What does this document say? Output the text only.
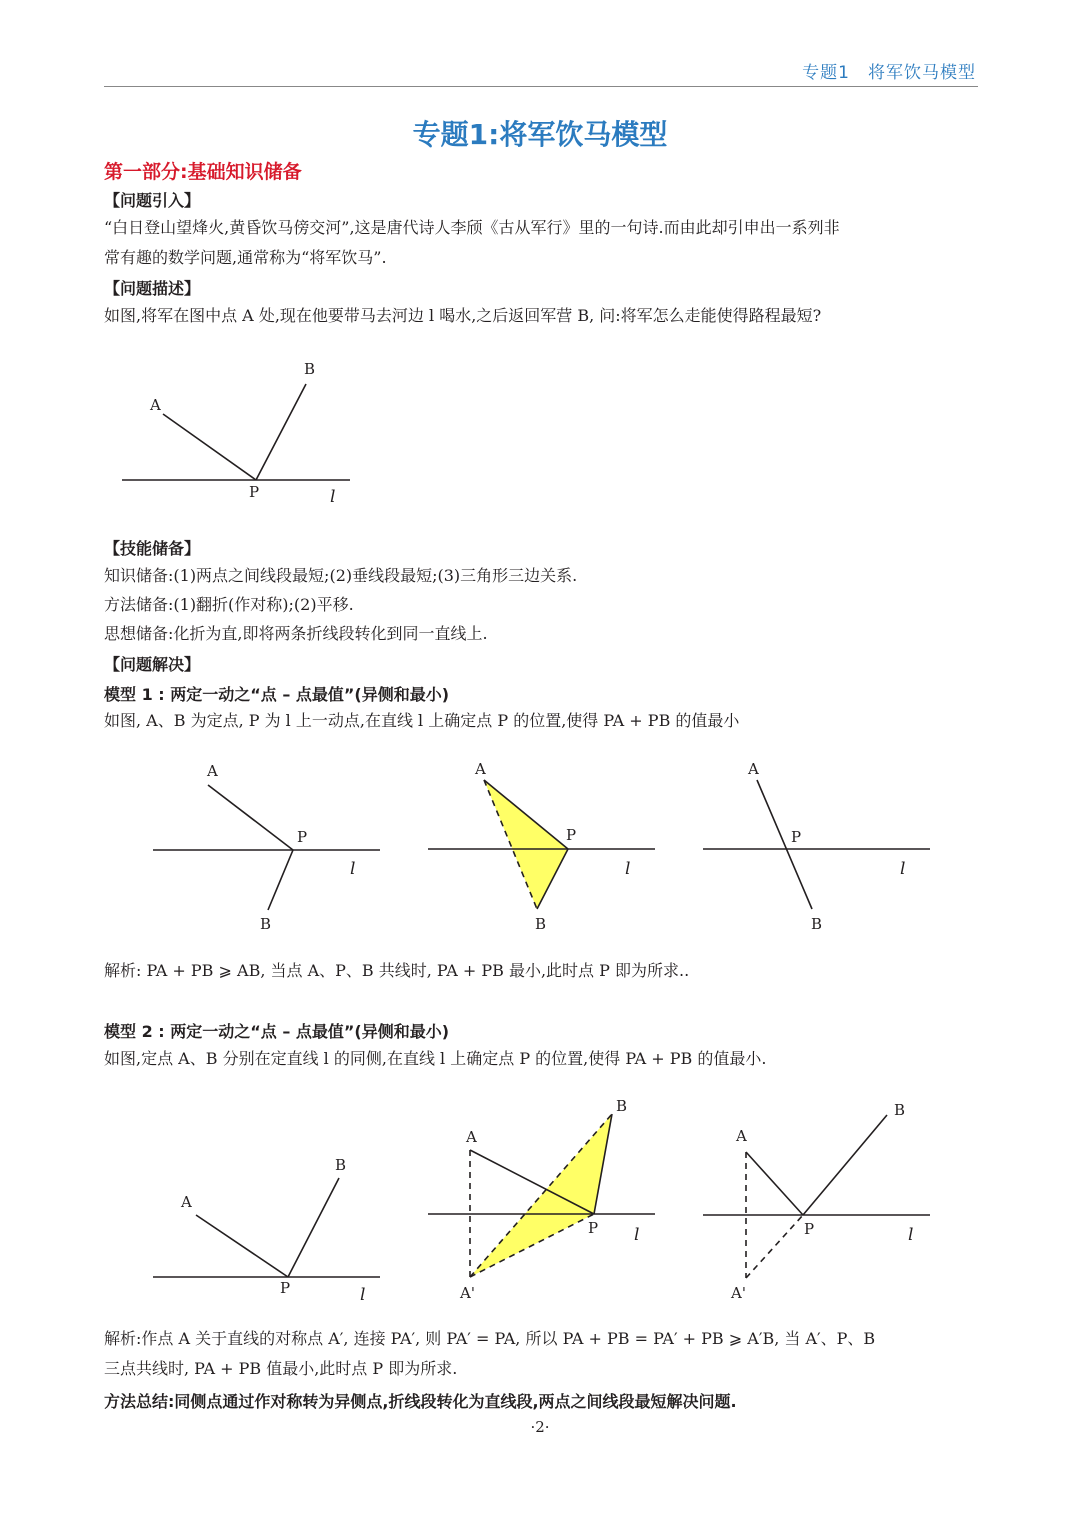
专题1　将军饮马模型
专题1:将军饮马模型
第一部分:基础知识储备
【问题引入】
“白日登山望烽火,黄昏饮马傍交河”,这是唐代诗人李颀《古从军行》里的一句诗.而由此却引申出一系列非
常有趣的数学问题,通常称为“将军饮马”.
【问题描述】
如图,将军在图中点 A 处,现在他要带马去河边 l 喝水,之后返回军营 B, 问:将军怎么走能使得路程最短?
A
B
P	l
【技能储备】
知识储备:(1)两点之间线段最短;(2)垂线段最短;(3)三角形三边关系.
方法储备:(1)翻折(作对称);(2)平移.
思想储备:化折为直,即将两条折线段转化到同一直线上.
【问题解决】
模型 1 : 两定一动之“点 – 点最值”(异侧和最小)
如图, A、B 为定点, P 为 l 上一动点,在直线 l 上确定点 P 的位置,使得 PA + PB 的值最小
A
P
l
B
A
P
l
B
A
P
l
B
解析: PA + PB ⩾ AB, 当点 A、P、B 共线时, PA + PB 最小,此时点 P 即为所求..
模型 2 : 两定一动之“点 – 点最值”(异侧和最小)
如图,定点 A、B 分别在定直线 l 的同侧,在直线 l 上确定点 P 的位置,使得 PA + PB 的值最小.
A
B
P	l
A
B
P l
A'
A
B
P	l
A'
解析:作点 A 关于直线的对称点 A′, 连接 PA′, 则 PA′ = PA, 所以 PA + PB = PA′ + PB ⩾ A′B, 当 A′、P、B
三点共线时, PA + PB 值最小,此时点 P 即为所求.
方法总结:同侧点通过作对称转为异侧点,折线段转化为直线段,两点之间线段最短解决问题.
·2·
